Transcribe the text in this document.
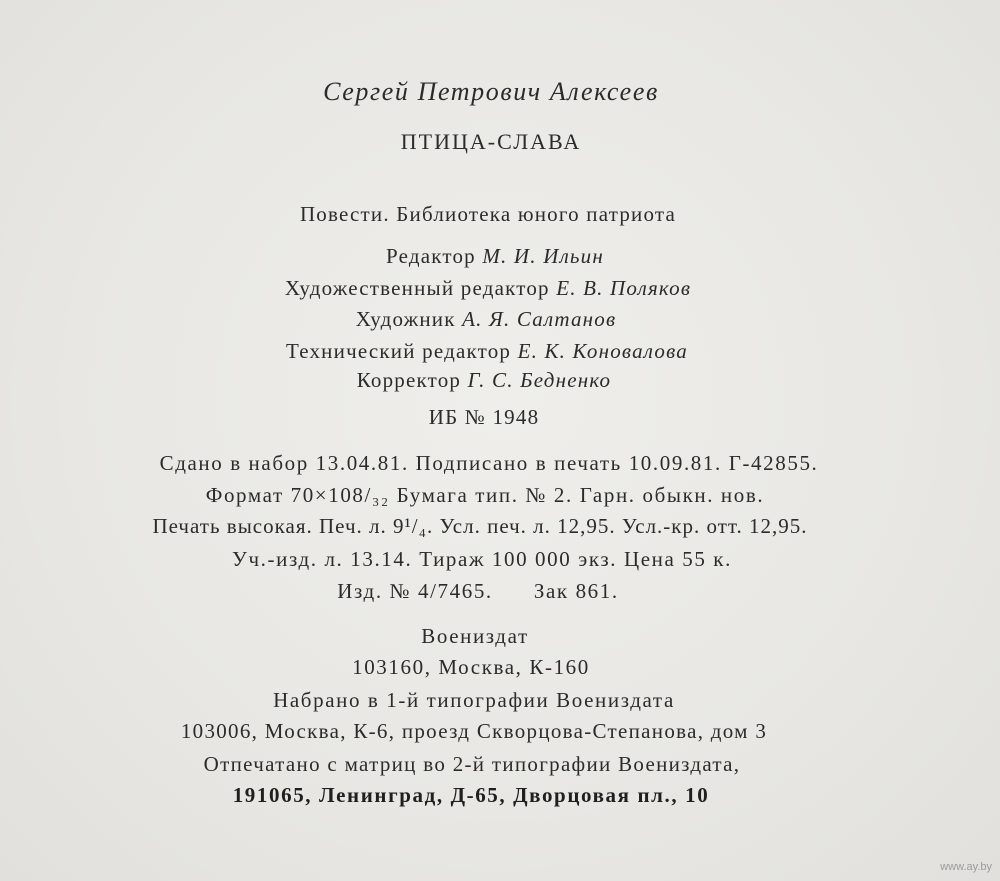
Сергей Петрович Алексеев
ПТИЦА-СЛАВА
Повести. Библиотека юного патриота
Редактор М. И. Ильин
Художественный редактор Е. В. Поляков
Художник А. Я. Салтанов
Технический редактор Е. К. Коновалова
Корректор Г. С. Бедненко
ИБ № 1948
Сдано в набор 13.04.81. Подписано в печать 10.09.81. Г-42855.
Формат 70×108/₃₂ Бумага тип. № 2. Гарн. обыкн. нов.
Печать высокая. Печ. л. 9¹/₄. Усл. печ. л. 12,95. Усл.-кр. отт. 12,95.
Уч.-изд. л. 13.14. Тираж 100 000 экз. Цена 55 к.
Изд. № 4/7465.      Зак 861.
Воениздат
103160, Москва, К-160
Набрано в 1-й типографии Воениздата
103006, Москва, К-6, проезд Скворцова-Степанова, дом 3
Отпечатано с матриц во 2-й типографии Воениздата,
191065, Ленинград, Д-65, Дворцовая пл., 10
www.ay.by
